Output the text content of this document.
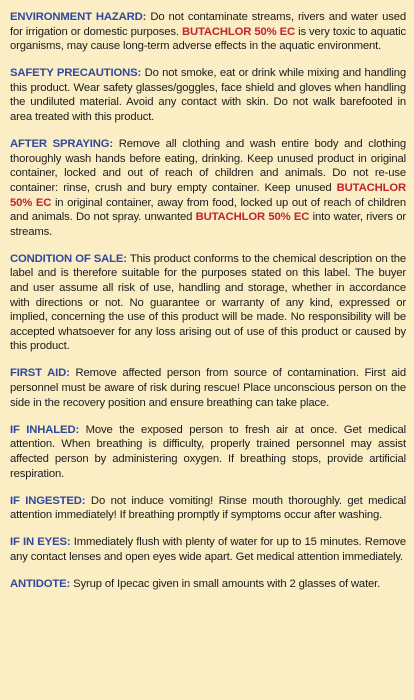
ENVIRONMENT HAZARD: Do not contaminate streams, rivers and water used for irrigation or domestic purposes. BUTACHLOR 50% EC is very toxic to aquatic organisms, may cause long-term adverse effects in the aquatic environment.

SAFETY PRECAUTIONS: Do not smoke, eat or drink while mixing and handling this product. Wear safety glasses/goggles, face shield and gloves when handling the undiluted material. Avoid any contact with skin. Do not walk barefooted in area treated with this product.

AFTER SPRAYING: Remove all clothing and wash entire body and clothing thoroughly wash hands before eating, drinking. Keep unused product in original container, locked and out of reach of children and animals. Do not re-use container: rinse, crush and bury empty container. Keep unused BUTACHLOR 50% EC in original container, away from food, locked up out of reach of children and animals. Do not spray. unwanted BUTACHLOR 50% EC into water, rivers or streams.

CONDITION OF SALE: This product conforms to the chemical description on the label and is therefore suitable for the purposes stated on this label. The buyer and user assume all risk of use, handling and storage, whether in accordance with directions or not. No guarantee or warranty of any kind, expressed or implied, concerning the use of this product will be made. No responsibility will be accepted whatsoever for any loss arising out of use of this product or caused by this product.

FIRST AID: Remove affected person from source of contamination. First aid personnel must be aware of risk during rescue! Place unconscious person on the side in the recovery position and ensure breathing can take place.

IF INHALED: Move the exposed person to fresh air at once. Get medical attention. When breathing is difficulty, properly trained personnel may assist affected person by administering oxygen. If breathing stops, provide artificial respiration.

IF INGESTED: Do not induce vomiting! Rinse mouth thoroughly. get medical attention immediately! If breathing promptly if symptoms occur after washing.

IF IN EYES: Immediately flush with plenty of water for up to 15 minutes. Remove any contact lenses and open eyes wide apart. Get medical attention immediately.

ANTIDOTE: Syrup of Ipecac given in small amounts with 2 glasses of water.
